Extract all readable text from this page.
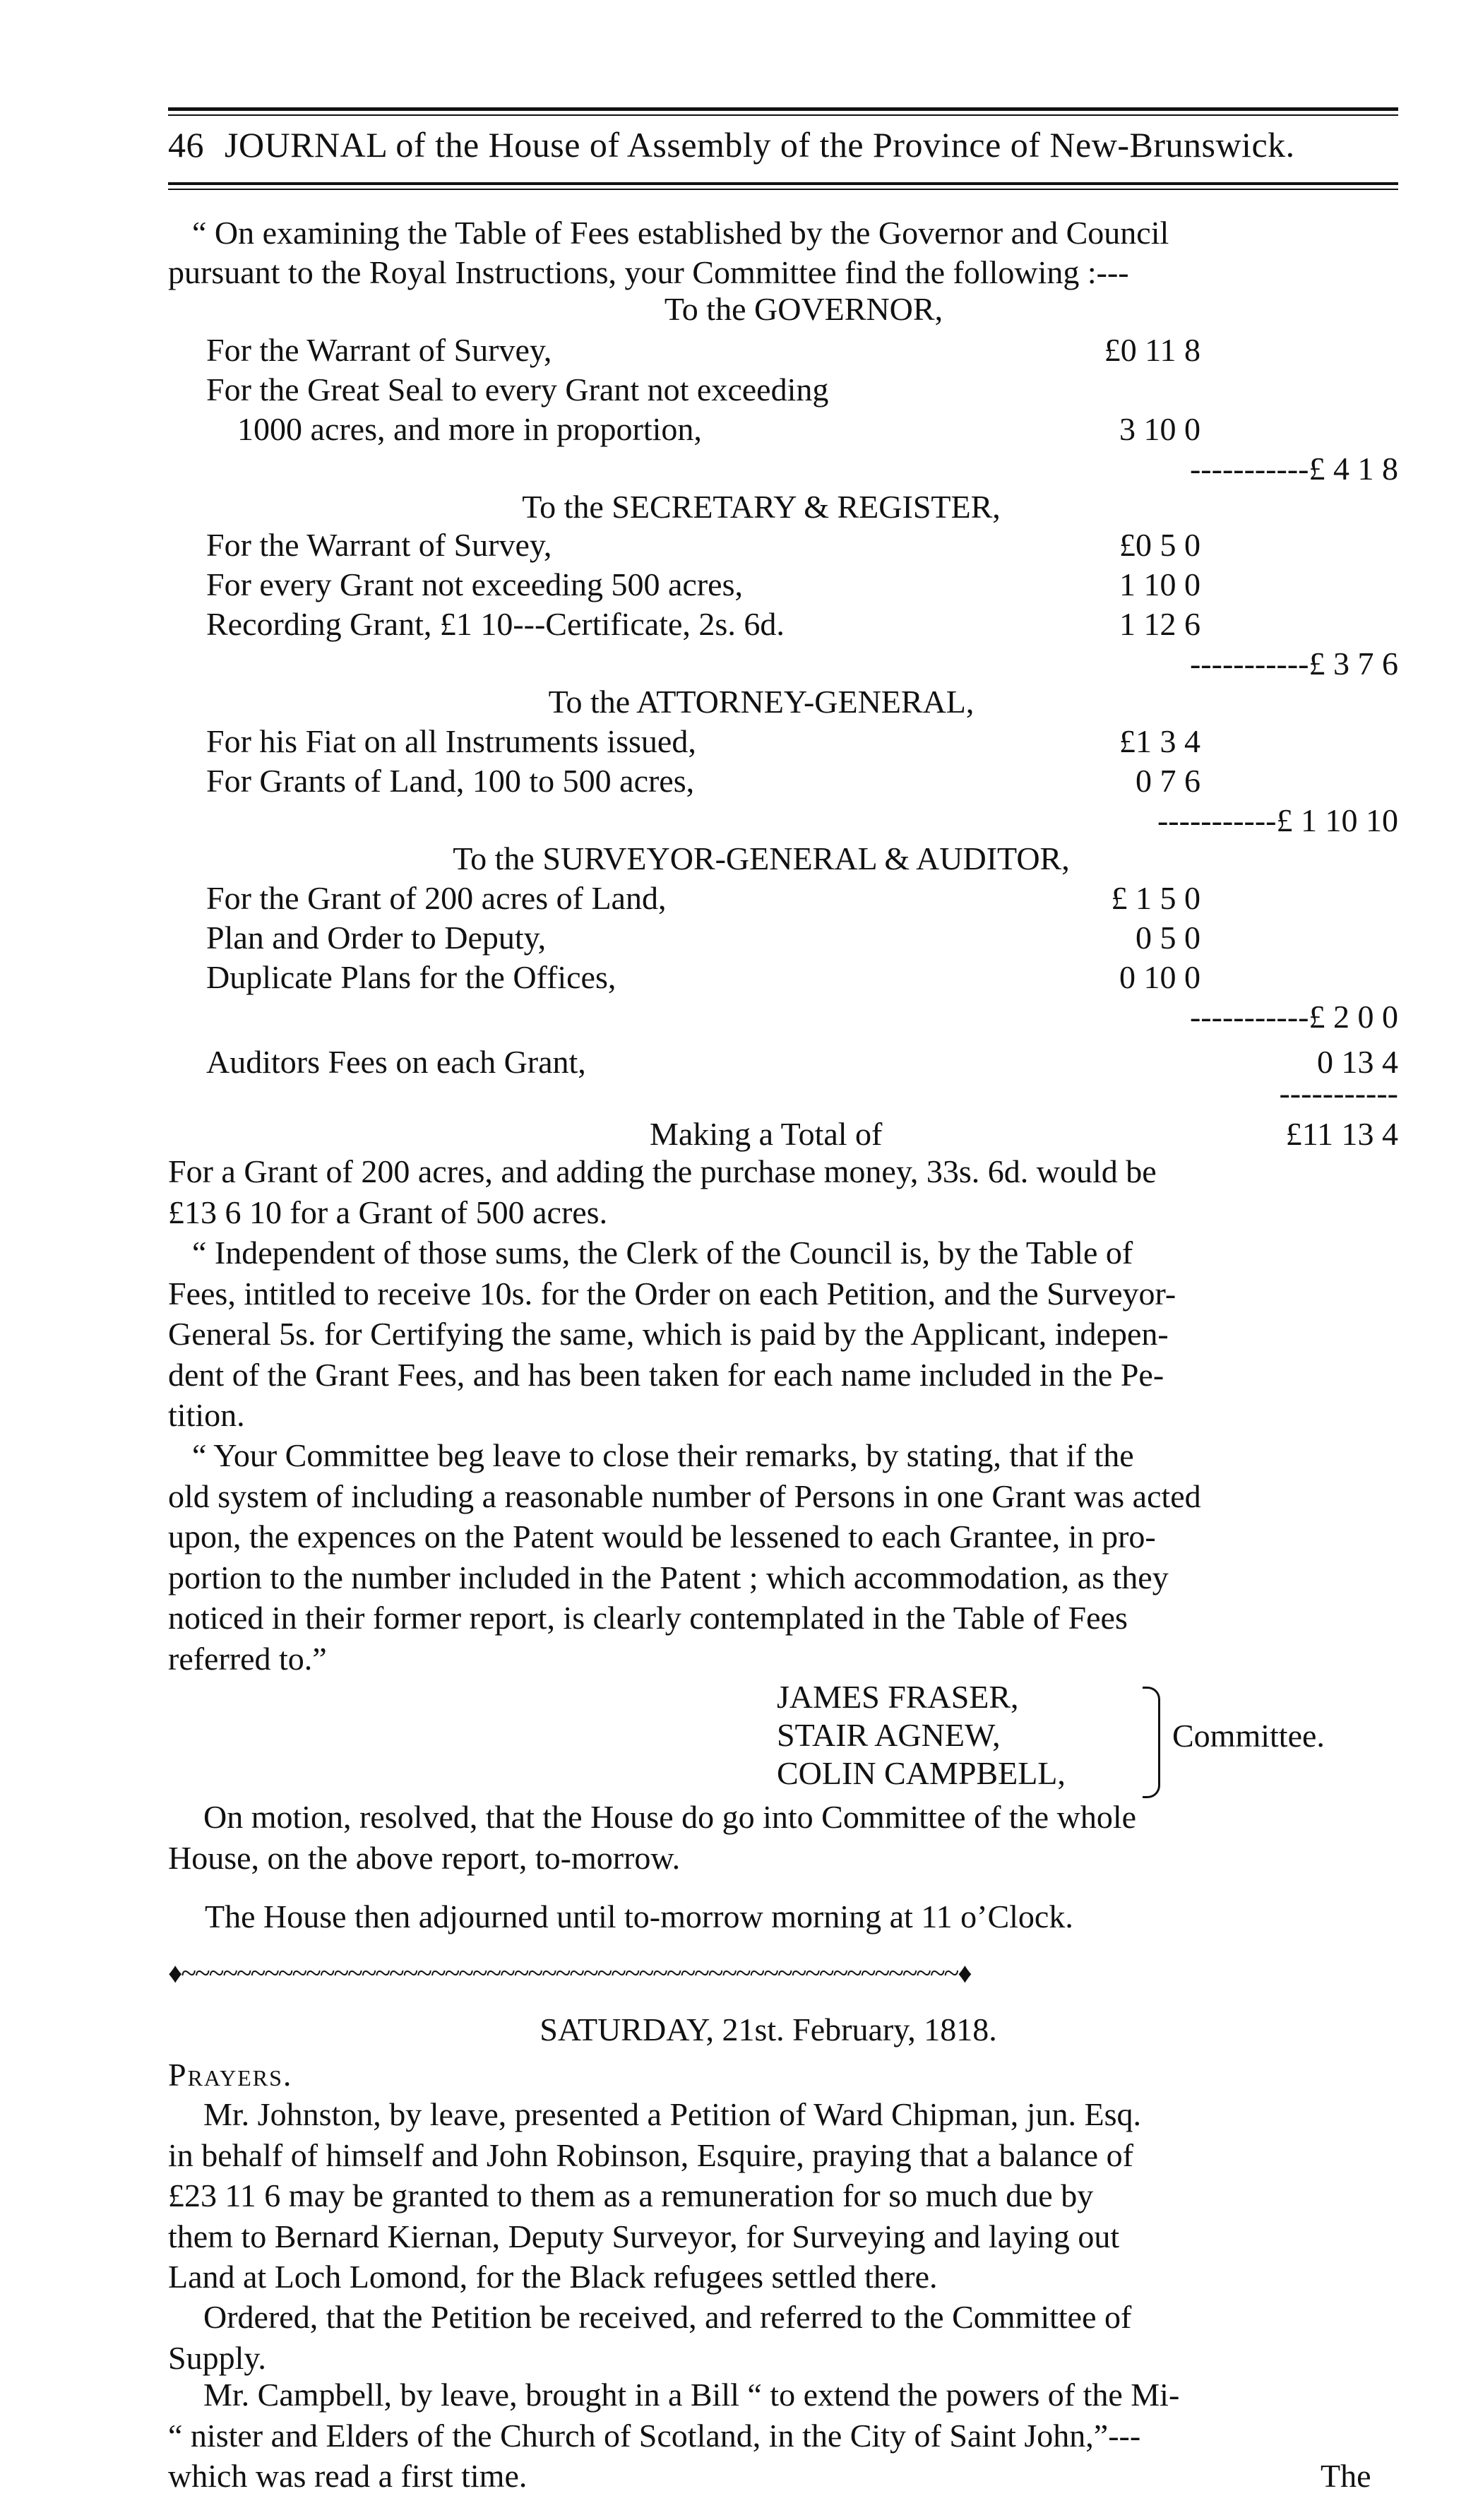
46 JOURNAL of the House of Assembly of the Province of New-Brunswick.
“ On examining the Table of Fees established by the Governor and Council
pursuant to the Royal Instructions, your Committee find the following :---
To the GOVERNOR,
For the Warrant of Survey,	£0 11 8
For the Great Seal to every Grant not exceeding
1000 acres, and more in proportion,	3 10 0
-----------£ 4 1 8
To the SECRETARY & REGISTER,
For the Warrant of Survey,	£0 5 0
For every Grant not exceeding 500 acres,	1 10 0
Recording Grant, £1 10---Certificate, 2s. 6d.	1 12 6
-----------£ 3 7 6
To the ATTORNEY-GENERAL,
For his Fiat on all Instruments issued,	£1 3 4
For Grants of Land, 100 to 500 acres,	0 7 6
-----------£ 1 10 10
To the SURVEYOR-GENERAL & AUDITOR,
For the Grant of 200 acres of Land,	£ 1 5 0
Plan and Order to Deputy,	0 5 0
Duplicate Plans for the Offices,	0 10 0
-----------£ 2 0 0
Auditors Fees on each Grant,	0 13 4
-----------
Making a Total of	£11 13 4
For a Grant of 200 acres, and adding the purchase money, 33s. 6d. would be
£13 6 10 for a Grant of 500 acres.
“ Independent of those sums, the Clerk of the Council is, by the Table of
Fees, intitled to receive 10s. for the Order on each Petition, and the Surveyor-
General 5s. for Certifying the same, which is paid by the Applicant, indepen-
dent of the Grant Fees, and has been taken for each name included in the Pe-
tition.
“ Your Committee beg leave to close their remarks, by stating, that if the
old system of including a reasonable number of Persons in one Grant was acted
upon, the expences on the Patent would be lessened to each Grantee, in pro-
portion to the number included in the Patent ; which accommodation, as they
noticed in their former report, is clearly contemplated in the Table of Fees
referred to.”
JAMES FRASER,
STAIR AGNEW,
COLIN CAMPBELL,
Committee.
On motion, resolved, that the House do go into Committee of the whole
House, on the above report, to-morrow.
The House then adjourned until to-morrow morning at 11 o’Clock.
♦~~~~~~~~~~~~~~~~~~~~~~~~~~~~~~~~~~~~~~~~~~~~~~~~~~~~~~~~♦
SATURDAY, 21st. February, 1818.
Prayers.
Mr. Johnston, by leave, presented a Petition of Ward Chipman, jun. Esq.
in behalf of himself and John Robinson, Esquire, praying that a balance of
£23 11 6 may be granted to them as a remuneration for so much due by
them to Bernard Kiernan, Deputy Surveyor, for Surveying and laying out
Land at Loch Lomond, for the Black refugees settled there.
Ordered, that the Petition be received, and referred to the Committee of
Supply.
Mr. Campbell, by leave, brought in a Bill “ to extend the powers of the Mi-
“ nister and Elders of the Church of Scotland, in the City of Saint John,”---
which was read a first time.	The
